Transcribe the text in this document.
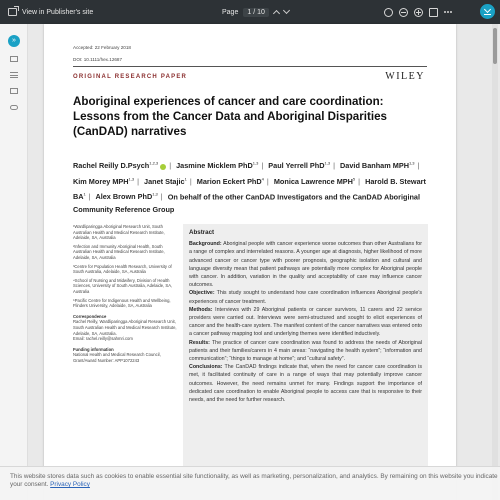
View in Publisher's site	Page	1 / 10
»
Accepted: 22 February 2018
DOI: 10.1111/hex.12687
ORIGINAL RESEARCH PAPER	WILEY
Aboriginal experiences of cancer and care coordination: Lessons from the Cancer Data and Aboriginal Disparities (CanDAD) narratives
Rachel Reilly D.Psych$^{1,2,3}$ | Jasmine Micklem PhD$^{1,3}$ | Paul Yerrell PhD$^{1,3}$ | David Banham MPH$^{1,3}$ | Kim Morey MPH$^{1,3}$ | Janet Stajic$^1$ | Marion Eckert PhD$^4$ | Monica Lawrence MPH$^5$ | Harold B. Stewart $BA^1$ | Alex Brown PhD$^{1,3}$ | On behalf of the other CanDAD Investigators and the CanDAD Aboriginal Community Reference Group

¹Wardliparingga Aboriginal Research Unit, South Australian Health and Medical Research Institute, Adelaide, SA, Australia

²Infection and Immunity Aboriginal Health, South Australian Health and Medical Research Institute, Adelaide, SA, Australia

³Centre for Population Health Research, University of South Australia, Adelaide, SA, Australia

⁴School of Nursing and Midwifery, Division of Health Sciences, University of South Australia, Adelaide, SA, Australia

⁵Pacific Centre for Indigenous Health and Wellbeing, Flinders University, Adelaide, SA, Australia

Correspondence

Rachel Reilly, Wardliparingga Aboriginal Research Unit, South Australian Health and Medical Research Institute, Adelaide, SA, Australia.

Email: rachel.reilly@sahmri.com

Funding information

National Health and Medical Research Council, Grant/Award Number: APP1072243

Abstract

Background: Aboriginal people with cancer experience worse outcomes than other Australians for a range of complex and interrelated reasons. A younger age at diagnosis, higher likelihood of more advanced cancer or cancer type with poorer prognosis, geographic isolation and cultural and language diversity mean that patient pathways are potentially more complex for Aboriginal people with cancer. In addition, variation in the quality and acceptability of care may influence cancer outcomes.

Objective: This study sought to understand how care coordination influences Aboriginal people's experiences of cancer treatment.

Methods: Interviews with 29 Aboriginal patients or cancer survivors, 11 carers and 22 service providers were carried out. Interviews were semi-structured and sought to elicit experiences of cancer and the health-care system. The manifest content of the cancer narratives was entered onto a cancer pathway mapping tool and underlying themes were identified inductively.

Results: The practice of cancer care coordination was found to address the needs of Aboriginal patients and their families/carers in 4 main areas: “navigating the health system”; “information and communication”; “things to manage at home”; and “cultural safety”.

Conclusions: The CanDAD findings indicate that, when the need for cancer care coordination is met, it facilitated continuity of care in a range of ways that may potentially improve cancer outcomes. However, the need remains unmet for many. Findings support the importance of dedicated care coordination to enable Aboriginal people to access care that is responsive to their needs, and the need for further research.

This website stores data such as cookies to enable essential site functionality, as well as marketing, personalization, and analytics. By remaining on this website you indicate your consent. Privacy Policy
